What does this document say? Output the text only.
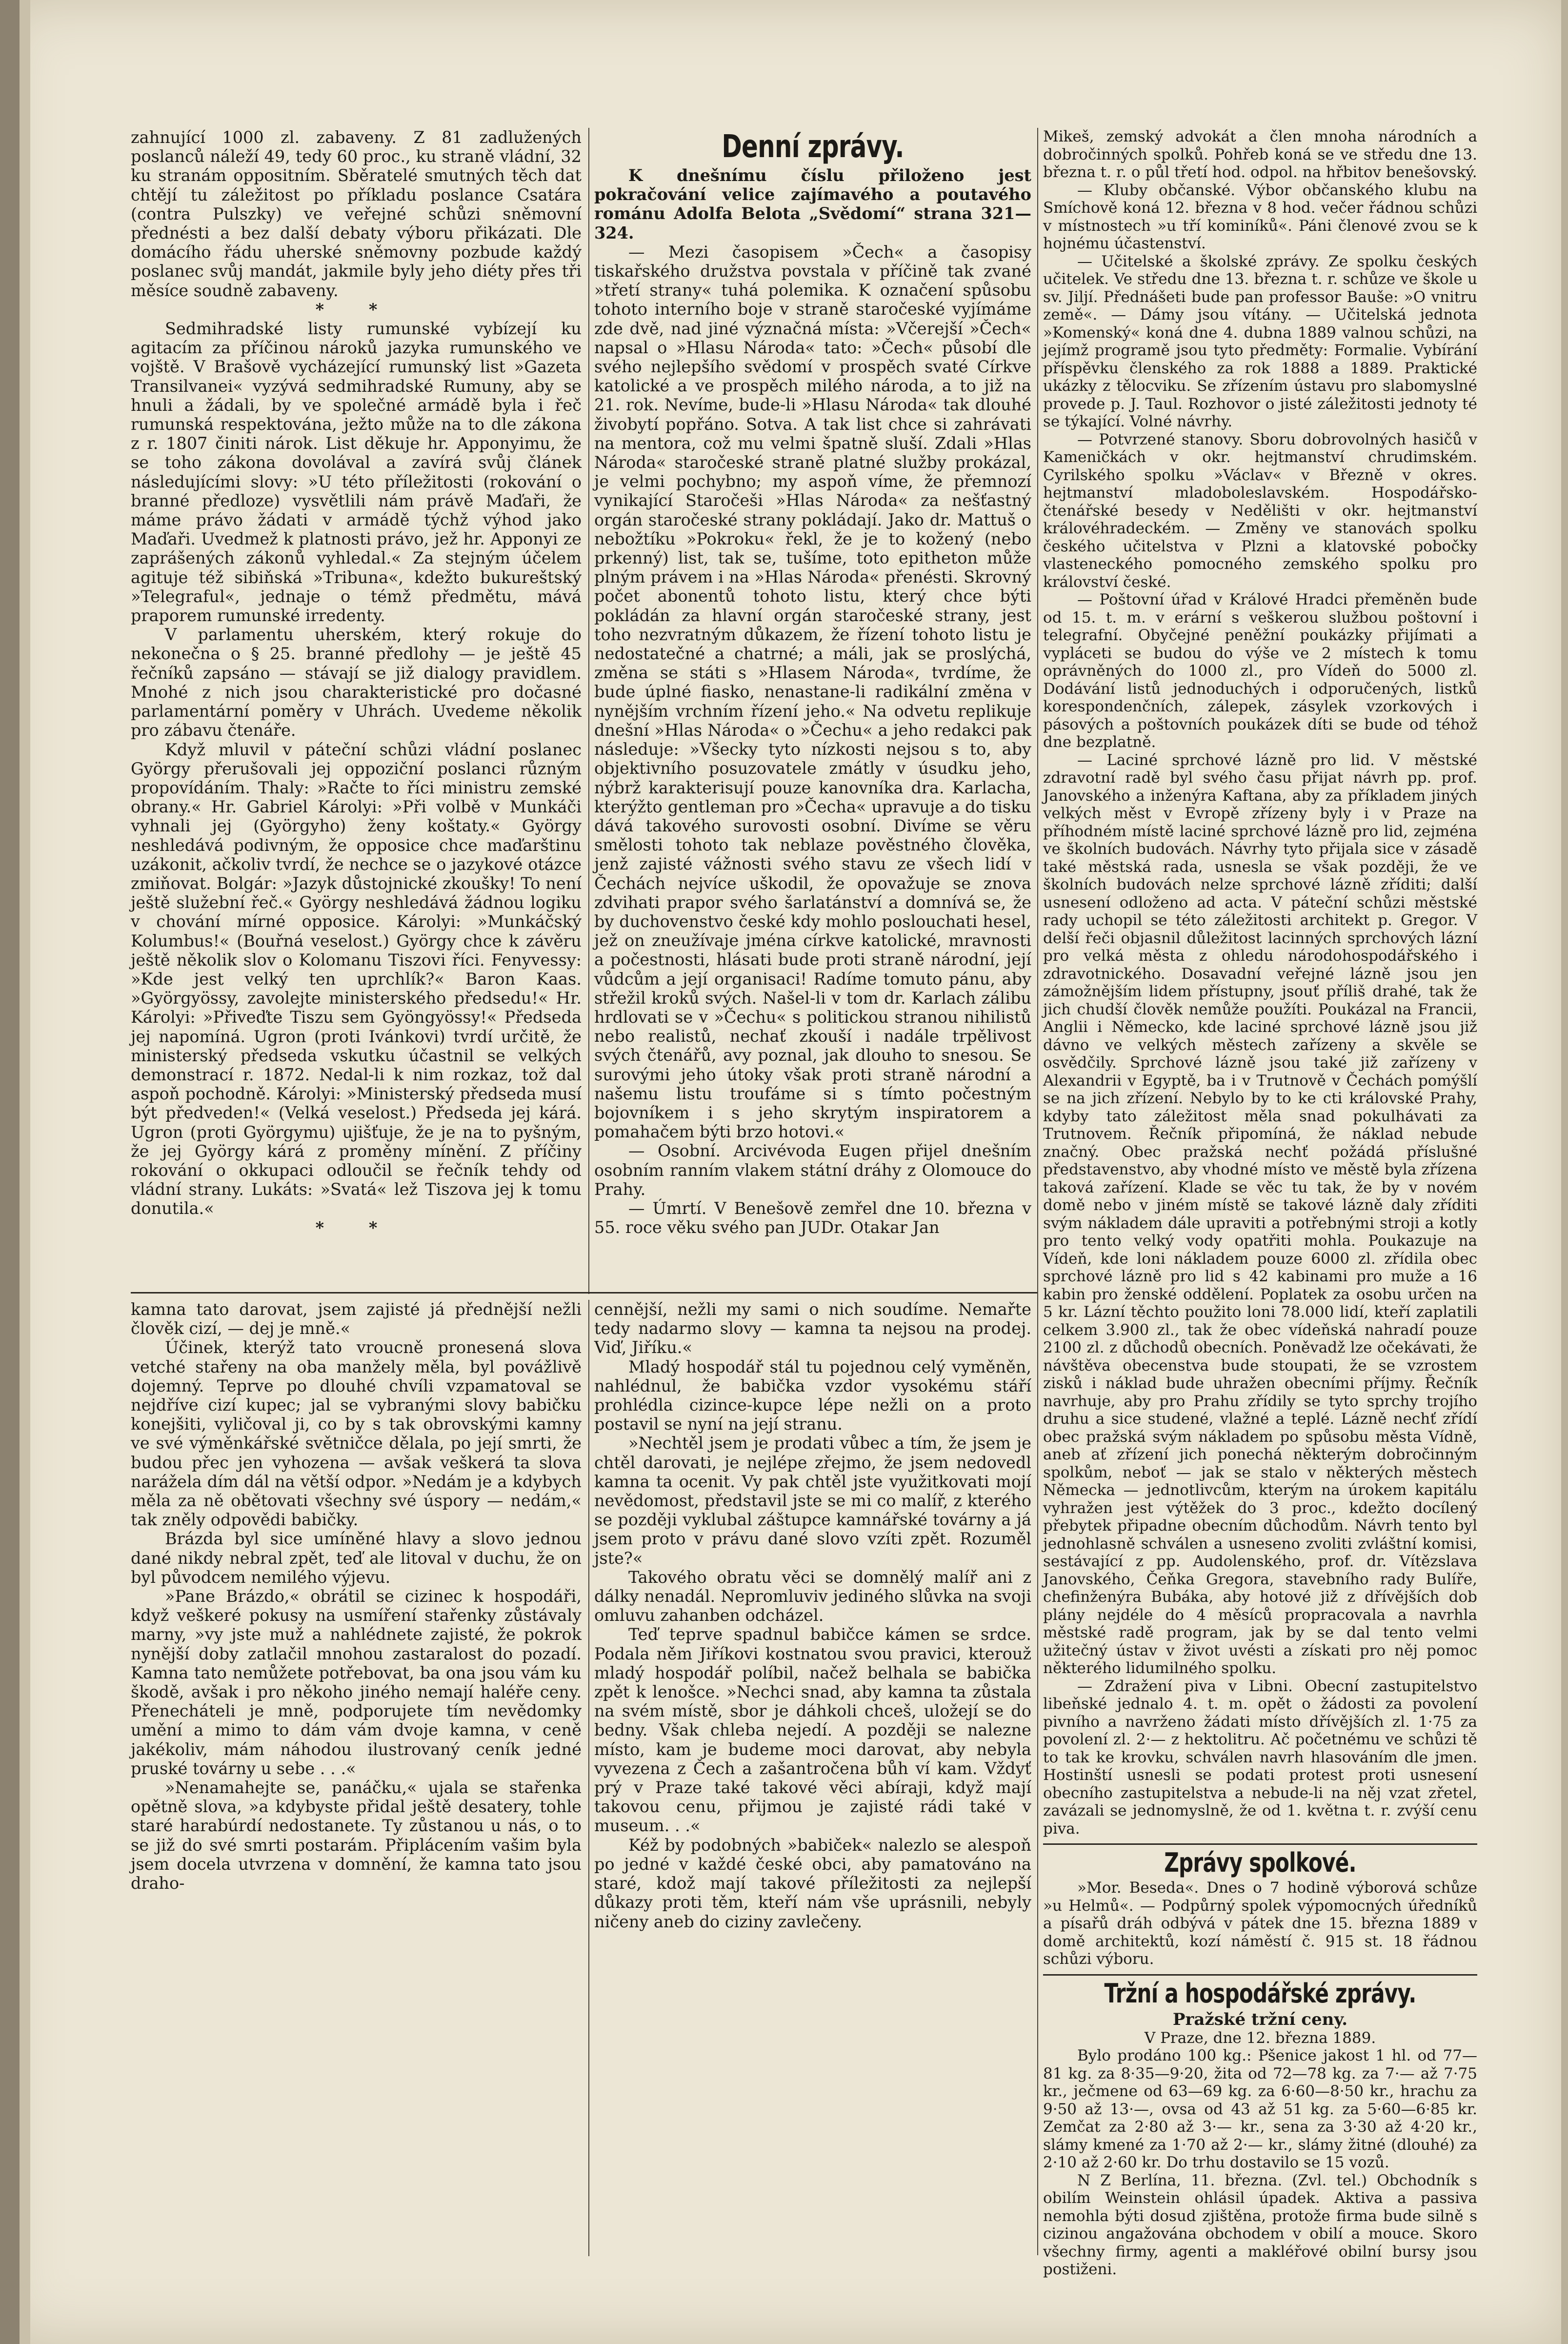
zahnující 1000 zl. zabaveny. Z 81 zadlužených poslanců náleží 49, tedy 60 proc., ku straně vládní, 32 ku stranám oppositním. Sběratelé smutných těch dat chtějí tu záležitost po příkladu poslance Csatára (contra Pulszky) ve veřejné schůzi sněmovní přednésti a bez další debaty výboru přikázati. Dle domácího řádu uherské sněmovny pozbude každý poslanec svůj mandát, jakmile byly jeho diéty přes tři měsíce soudně zabaveny.

* *

Sedmihradské listy rumunské vybízejí ku agitacím za příčinou nároků jazyka rumunského ve vojště. V Brašově vycházející rumunský list »Gazeta Transilvanei« vyzývá sedmihradské Rumuny, aby se hnuli a žádali, by ve společné armádě byla i řeč rumunská respektována, ježto může na to dle zákona z r. 1807 činiti nárok. List děkuje hr. Apponyimu, že se toho zákona dovolával a zavírá svůj článek následujícími slovy: »U této příležitosti (rokování o branné předloze) vysvětlili nám právě Maďaři, že máme právo žádati v armádě týchž výhod jako Maďaři. Uvedmež k platnosti právo, jež hr. Apponyi ze zaprášených zákonů vyhledal.« Za stejným účelem agituje též sibiňská »Tribuna«, kdežto bukureštský »Telegraful«, jednaje o témž předmětu, mává praporem rumunské irredenty.

V parlamentu uherském, který rokuje do nekonečna o § 25. branné předlohy — je ještě 45 řečníků zapsáno — stávají se již dialogy pravidlem. Mnohé z nich jsou charakteristické pro dočasné parlamentární poměry v Uhrách. Uvedeme několik pro zábavu čtenáře.

Když mluvil v páteční schůzi vládní poslanec György přerušovali jej oppoziční poslanci různým propovídáním. Thaly: »Račte to říci ministru zemské obrany.« Hr. Gabriel Károlyi: »Při volbě v Munkáči vyhnali jej (Györgyho) ženy koštaty.« György neshledává podivným, že opposice chce maďarštinu uzákonit, ačkoliv tvrdí, že nechce se o jazykové otázce zmiňovat. Bolgár: »Jazyk důstojnické zkoušky! To není ještě služební řeč.« György neshledává žádnou logiku v chování mírné opposice. Károlyi: »Munkáčský Kolumbus!« (Bouřná veselost.) György chce k závěru ještě několik slov o Kolomanu Tiszovi říci. Fenyvessy: »Kde jest velký ten uprchlík?« Baron Kaas. »Györgyössy, zavolejte ministerského předsedu!« Hr. Károlyi: »Přiveďte Tiszu sem Gyöngyössy!« Předseda jej napomíná. Ugron (proti Ivánkovi) tvrdí určitě, že ministerský předseda vskutku účastnil se velkých demonstrací r. 1872. Nedal-li k nim rozkaz, tož dal aspoň pochodně. Károlyi: »Ministerský předseda musí být předveden!« (Velká veselost.) Předseda jej kárá. Ugron (proti Györgymu) ujišťuje, že je na to pyšným, že jej György kárá z proměny mínění. Z příčiny rokování o okkupaci odloučil se řečník tehdy od vládní strany. Lukáts: »Svatá« lež Tiszova jej k tomu donutila.«

* *

Denní zprávy.

K dnešnímu číslu přiloženo jest pokračování velice zajímavého a poutavého románu Adolfa Belota „Svědomí“ strana 321—324.

— Mezi časopisem »Čech« a časopisy tiskařského družstva povstala v příčině tak zvané »třetí strany« tuhá polemika. K označení spůsobu tohoto interního boje v straně staročeské vyjímáme zde dvě, nad jiné význačná místa: »Včerejší »Čech« napsal o »Hlasu Národa« tato: »Čech« působí dle svého nejlepšího svědomí v prospěch svaté Církve katolické a ve prospěch milého národa, a to již na 21. rok. Nevíme, bude-li »Hlasu Národa« tak dlouhé živobytí popřáno. Sotva. A tak list chce si zahrávati na mentora, což mu velmi špatně sluší. Zdali »Hlas Národa« staročeské straně platné služby prokázal, je velmi pochybno; my aspoň víme, že přemnozí vynikající Staročeši »Hlas Národa« za nešťastný orgán staročeské strany pokládají. Jako dr. Mattuš o nebožtíku »Pokroku« řekl, že je to kožený (nebo prkenný) list, tak se, tušíme, toto epitheton může plným právem i na »Hlas Národa« přenésti. Skrovný počet abonentů tohoto listu, který chce býti pokládán za hlavní orgán staročeské strany, jest toho nezvratným důkazem, že řízení tohoto listu je nedostatečné a chatrné; a máli, jak se proslýchá, změna se státi s »Hlasem Národa«, tvrdíme, že bude úplné fiasko, nenastane-li radikální změna v nynějším vrchním řízení jeho.« Na odvetu replikuje dnešní »Hlas Národa« o »Čechu« a jeho redakci pak následuje: »Všecky tyto nízkosti nejsou s to, aby objektivního posuzovatele zmátly v úsudku jeho, nýbrž karakterisují pouze kanovníka dra. Karlacha, kterýžto gentleman pro »Čecha« upravuje a do tisku dává takového surovosti osobní. Divíme se věru smělosti tohoto tak neblaze pověstného člověka, jenž zajisté vážnosti svého stavu ze všech lidí v Čechách nejvíce uškodil, že opovažuje se znova zdvihati prapor svého šarlatánství a domnívá se, že by duchovenstvo české kdy mohlo poslouchati hesel, jež on zneužívaje jména církve katolické, mravnosti a počestnosti, hlásati bude proti straně národní, její vůdcům a její organisaci! Radíme tomuto pánu, aby střežil kroků svých. Našel-li v tom dr. Karlach zálibu hrdlovati se v »Čechu« s politickou stranou nihilistů nebo realistů, nechať zkouší i nadále trpělivost svých čtenářů, avy poznal, jak dlouho to snesou. Se surovými jeho útoky však proti straně národní a našemu listu troufáme si s tímto počestným bojovníkem i s jeho skrytým inspiratorem a pomahačem býti brzo hotovi.«

— Osobní. Arcivévoda Eugen přijel dnešním osobním ranním vlakem státní dráhy z Olomouce do Prahy.

— Úmrtí. V Benešově zemřel dne 10. března v 55. roce věku svého pan JUDr. Otakar Jan

Mikeš, zemský advokát a člen mnoha národních a dobročinných spolků. Pohřeb koná se ve středu dne 13. března t. r. o půl třetí hod. odpol. na hřbitov benešovský.

— Kluby občanské. Výbor občanského klubu na Smíchově koná 12. března v 8 hod. večer řádnou schůzi v místnostech »u tří kominíků«. Páni členové zvou se k hojnému účastenství.

— Učitelské a školské zprávy. Ze spolku českých učitelek. Ve středu dne 13. března t. r. schůze ve škole u sv. Jiljí. Přednášeti bude pan professor Bauše: »O vnitru země«. — Dámy jsou vítány. — Učitelská jednota »Komenský« koná dne 4. dubna 1889 valnou schůzi, na jejímž programě jsou tyto předměty: Formalie. Vybírání příspěvku členského za rok 1888 a 1889. Praktické ukázky z tělocviku. Se zřízením ústavu pro slabomyslné provede p. J. Taul. Rozhovor o jisté záležitosti jednoty té se týkající. Volné návrhy.

— Potvrzené stanovy. Sboru dobrovolných hasičů v Kameničkách v okr. hejtmanství chrudimském. Cyrilského spolku »Václav« v Březně v okres. hejtmanství mladoboleslavském. Hospodářsko-čtenářské besedy v Nedělišti v okr. hejtmanství královéhradeckém. — Změny ve stanovách spolku českého učitelstva v Plzni a klatovské pobočky vlasteneckého pomocného zemského spolku pro království české.

— Poštovní úřad v Králové Hradci přeměněn bude od 15. t. m. v erární s veškerou službou poštovní i telegrafní. Obyčejné peněžní poukázky přijímati a vypláceti se budou do výše ve 2 místech k tomu oprávněných do 1000 zl., pro Vídeň do 5000 zl. Dodávání listů jednoduchých i odporučených, listků korespondenčních, zálepek, zásylek vzorkových i pásových a poštovních poukázek díti se bude od téhož dne bezplatně.

— Laciné sprchové lázně pro lid. V městské zdravotní radě byl svého času přijat návrh pp. prof. Janovského a inženýra Kaftana, aby za příkladem jiných velkých měst v Evropě zřízeny byly i v Praze na příhodném místě laciné sprchové lázně pro lid, zejména ve školních budovách. Návrhy tyto přijala sice v zásadě také městská rada, usnesla se však později, že ve školních budovách nelze sprchové lázně zříditi; další usnesení odloženo ad acta. V páteční schůzi městské rady uchopil se této záležitosti architekt p. Gregor. V delší řeči objasnil důležitost lacinných sprchových lázní pro velká města z ohledu národohospodářského i zdravotnického. Dosavadní veřejné lázně jsou jen zámožnějším lidem přístupny, jsouť příliš drahé, tak že jich chudší člověk nemůže použíti. Poukázal na Francii, Anglii i Německo, kde laciné sprchové lázně jsou již dávno ve velkých městech zařízeny a skvěle se osvědčily. Sprchové lázně jsou také již zařízeny v Alexandrii v Egyptě, ba i v Trutnově v Čechách pomýšlí se na jich zřízení. Nebylo by to ke cti královské Prahy, kdyby tato záležitost měla snad pokulhávati za Trutnovem. Řečník připomíná, že náklad nebude značný. Obec pražská nechť požádá příslušné představenstvo, aby vhodné místo ve městě byla zřízena taková zařízení. Klade se věc tu tak, že by v novém domě nebo v jiném místě se takové lázně daly zříditi svým nákladem dále upraviti a potřebnými stroji a kotly pro tento velký vody opatřiti mohla. Poukazuje na Vídeň, kde loni nákladem pouze 6000 zl. zřídila obec sprchové lázně pro lid s 42 kabinami pro muže a 16 kabin pro ženské oddělení. Poplatek za osobu určen na 5 kr. Lázní těchto použito loni 78.000 lidí, kteří zaplatili celkem 3.900 zl., tak že obec vídeňská nahradí pouze 2100 zl. z důchodů obecních. Poněvadž lze očekávati, že návštěva obecenstva bude stoupati, že se vzrostem zisků i náklad bude uhražen obecními příjmy. Řečník navrhuje, aby pro Prahu zřídily se tyto sprchy trojího druhu a sice studené, vlažné a teplé. Lázně nechť zřídí obec pražská svým nákladem po spůsobu města Vídně, aneb ať zřízení jich ponechá některým dobročinným spolkům, neboť — jak se stalo v některých městech Německa — jednotlivcům, kterým na úrokem kapitálu vyhražen jest výtěžek do 3 proc., kdežto docílený přebytek připadne obecním důchodům. Návrh tento byl jednohlasně schválen a usneseno zvoliti zvláštní komisi, sestávající z pp. Audolenského, prof. dr. Vítězslava Janovského, Čeňka Gregora, stavebního rady Bulíře, chefinženýra Bubáka, aby hotové již z dřívějších dob plány nejdéle do 4 měsíců propracovala a navrhla městské radě program, jak by se dal tento velmi užitečný ústav v život uvésti a získati pro něj pomoc některého lidumilného spolku.

— Zdražení piva v Libni. Obecní zastupitelstvo libeňské jednalo 4. t. m. opět o žádosti za povolení pivního a navrženo žádati místo dřívějších zl. 1·75 za povolení zl. 2·— z hektolitru. Ač početnému ve schůzi tě to tak ke krovku, schválen navrh hlasováním dle jmen. Hostinští usnesli se podati protest proti usnesení obecního zastupitelstva a nebude-li na něj vzat zřetel, zavázali se jednomyslně, že od 1. května t. r. zvýší cenu piva.

Zprávy spolkové.

»Mor. Beseda«. Dnes o 7 hodině výborová schůze »u Helmů«. — Podpůrný spolek výpomocných úředníků a písařů dráh odbývá v pátek dne 15. března 1889 v domě architektů, kozí náměstí č. 915 st. 18 řádnou schůzi výboru.

Tržní a hospodářské zprávy.

Pražské tržní ceny.

V Praze, dne 12. března 1889.

Bylo prodáno 100 kg.: Pšenice jakost 1 hl. od 77—81 kg. za 8·35—9·20, žita od 72—78 kg. za 7·— až 7·75 kr., ječmene od 63—69 kg. za 6·60—8·50 kr., hrachu za 9·50 až 13·—, ovsa od 43 až 51 kg. za 5·60—6·85 kr. Zemčat za 2·80 až 3·— kr., sena za 3·30 až 4·20 kr., slámy kmené za 1·70 až 2·— kr., slámy žitné (dlouhé) za 2·10 až 2·60 kr. Do trhu dostavilo se 15 vozů.

N Z Berlína, 11. března. (Zvl. tel.) Obchodník s obilím Weinstein ohlásil úpadek. Aktiva a passiva nemohla býti dosud zjištěna, protože firma bude silně s cizinou angažována obchodem v obilí a mouce. Skoro všechny firmy, agenti a makléřové obilní bursy jsou postiženi.

kamna tato darovat, jsem zajisté já přednější nežli člověk cizí, — dej je mně.«

Účinek, kterýž tato vroucně pronesená slova vetché stařeny na oba manžely měla, byl povážlivě dojemný. Teprve po dlouhé chvíli vzpamatoval se nejdříve cizí kupec; jal se vybranými slovy babičku konejšiti, vyličoval ji, co by s tak obrovskými kamny ve své výměnkářské světničce dělala, po její smrti, že budou přec jen vyhozena — avšak veškerá ta slova narážela dím dál na větší odpor. »Nedám je a kdybych měla za ně obětovati všechny své úspory — nedám,« tak zněly odpovědi babičky.

Brázda byl sice umíněné hlavy a slovo jednou dané nikdy nebral zpět, teď ale litoval v duchu, že on byl původcem nemilého výjevu.

»Pane Brázdo,« obrátil se cizinec k hospodáři, když veškeré pokusy na usmíření stařenky zůstávaly marny, »vy jste muž a nahlédnete zajisté, že pokrok nynější doby zatlačil mnohou zastaralost do pozadí. Kamna tato nemůžete potřebovat, ba ona jsou vám ku škodě, avšak i pro někoho jiného nemají haléře ceny. Přenecháteli je mně, podporujete tím nevědomky umění a mimo to dám vám dvoje kamna, v ceně jakékoliv, mám náhodou ilustrovaný ceník jedné pruské továrny u sebe . . .«

»Nenamahejte se, panáčku,« ujala se stařenka opětně slova, »a kdybyste přidal ještě desatery, tohle staré harabúrdí nedostanete. Ty zůstanou u nás, o to se již do své smrti postarám. Připlácením vašim byla jsem docela utvrzena v domnění, že kamna tato jsou draho-

cennější, nežli my sami o nich soudíme. Nemařte tedy nadarmo slovy — kamna ta nejsou na prodej. Viď, Jiříku.«

Mladý hospodář stál tu pojednou celý vyměněn, nahlédnul, že babička vzdor vysokému stáří prohlédla cizince-kupce lépe nežli on a proto postavil se nyní na její stranu.

»Nechtěl jsem je prodati vůbec a tím, že jsem je chtěl darovati, je nejlépe zřejmo, že jsem nedovedl kamna ta ocenit. Vy pak chtěl jste využitkovati mojí nevědomost, představil jste se mi co malíř, z kterého se později vyklubal záštupce kamnářské továrny a já jsem proto v právu dané slovo vzíti zpět. Rozuměl jste?«

Takového obratu věci se domnělý malíř ani z dálky nenadál. Nepromluviv jediného slůvka na svoji omluvu zahanben odcházel.

Teď teprve spadnul babičce kámen se srdce. Podala něm Jiříkovi kostnatou svou pravici, kterouž mladý hospodář políbil, načež belhala se babička zpět k lenošce. »Nechci snad, aby kamna ta zůstala na svém místě, sbor je dáhkoli chceš, uložejí se do bedny. Však chleba nejedí. A později se nalezne místo, kam je budeme moci darovat, aby nebyla vyvezena z Čech a zašantročena bůh ví kam. Vždyť prý v Praze také takové věci abíraji, když mají takovou cenu, přijmou je zajisté rádi také v museum. . .«

Kéž by podobných »babiček« nalezlo se alespoň po jedné v každé české obci, aby pamatováno na staré, kdož mají takové příležitosti za nejlepší důkazy proti těm, kteří nám vše uprásnili, nebyly ničeny aneb do ciziny zavlečeny.
